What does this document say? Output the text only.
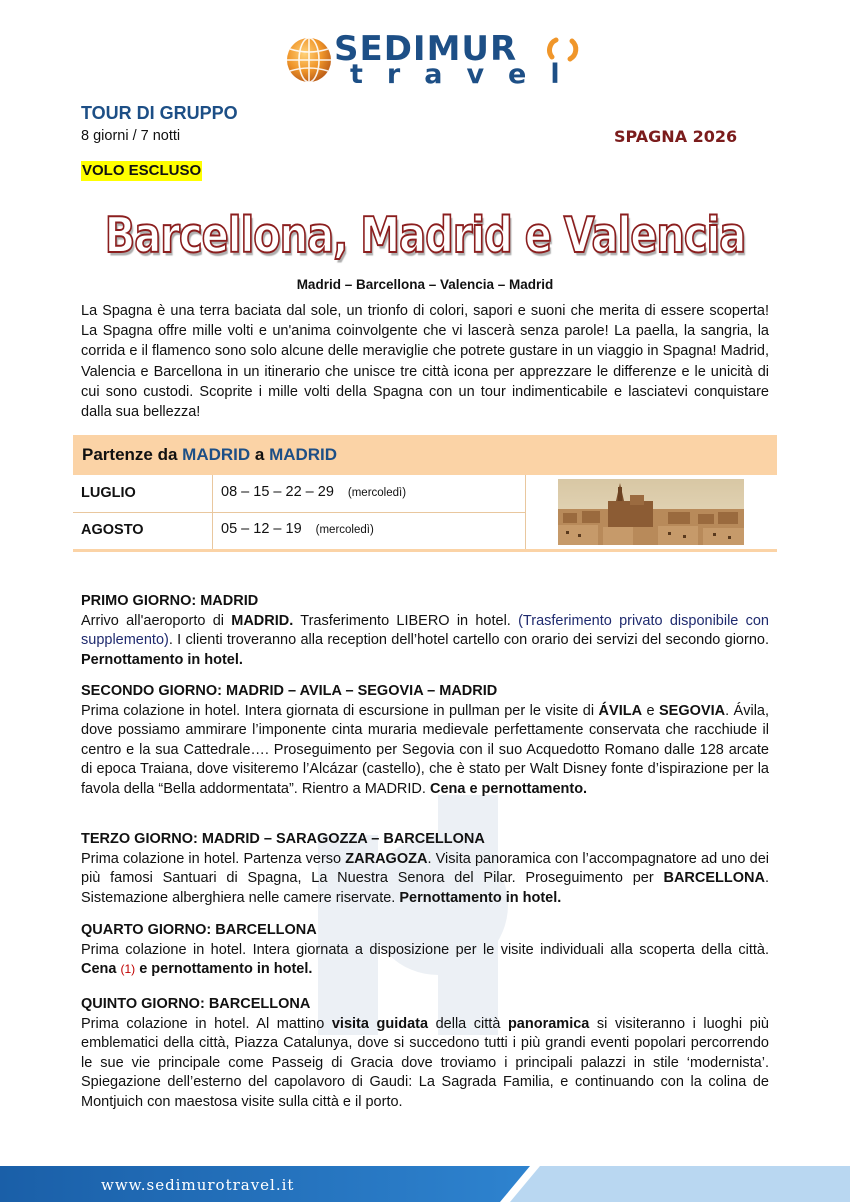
SEDIMUR
travel
TOUR DI GRUPPO
8 giorni / 7 notti	SPAGNA 2026
VOLO ESCLUSO
Barcellona, Madrid e Valencia
Madrid – Barcellona – Valencia – Madrid
La Spagna è una terra baciata dal sole, un trionfo di colori, sapori e suoni che merita di essere scoperta! La Spagna offre mille volti e un'anima coinvolgente che vi lascerà senza parole! La paella, la sangria, la corrida e il flamenco sono solo alcune delle meraviglie che potrete gustare in un viaggio in Spagna! Madrid, Valencia e Barcellona in un itinerario che unisce tre città icona per apprezzare le differenze e le unicità di cui sono custodi. Scoprite i mille volti della Spagna con un tour indimenticabile e lasciatevi conquistare dalla sua bellezza!
Partenze da MADRID a MADRID
LUGLIO	08 – 15 – 22 – 29 (mercoledì)
AGOSTO	05 – 12 – 19 (mercoledì)
PRIMO GIORNO: MADRID
Arrivo all'aeroporto di MADRID. Trasferimento LIBERO in hotel. (Trasferimento privato disponibile con supplemento). I clienti troveranno alla reception dell’hotel cartello con orario dei servizi del secondo giorno. Pernottamento in hotel.
SECONDO GIORNO: MADRID – AVILA – SEGOVIA – MADRID
Prima colazione in hotel. Intera giornata di escursione in pullman per le visite di ÁVILA e SEGOVIA. Ávila, dove possiamo ammirare l’imponente cinta muraria medievale perfettamente conservata che racchiude il centro e la sua Cattedrale…. Proseguimento per Segovia con il suo Acquedotto Romano dalle 128 arcate di epoca Traiana, dove visiteremo l’Alcázar (castello), che è stato per Walt Disney fonte d’ispirazione per la favola della “Bella addormentata”. Rientro a MADRID. Cena e pernottamento.
TERZO GIORNO: MADRID – SARAGOZZA – BARCELLONA
Prima colazione in hotel. Partenza verso ZARAGOZA. Visita panoramica con l’accompagnatore ad uno dei più famosi Santuari di Spagna, La Nuestra Senora del Pilar. Proseguimento per BARCELLONA. Sistemazione alberghiera nelle camere riservate. Pernottamento in hotel.
QUARTO GIORNO: BARCELLONA
Prima colazione in hotel. Intera giornata a disposizione per le visite individuali alla scoperta della città. Cena (1) e pernottamento in hotel.
QUINTO GIORNO: BARCELLONA
Prima colazione in hotel. Al mattino visita guidata della città panoramica si visiteranno i luoghi più emblematici della città, Piazza Catalunya, dove si succedono tutti i più grandi eventi popolari percorrendo le sue vie principale come Passeig di Gracia dove troviamo i principali palazzi in stile ‘modernista’. Spiegazione dell’esterno del capolavoro di Gaudi: La Sagrada Familia, e continuando con la colina de Montjuich con maestosa visite sulla città e il porto.
www.sedimurotravel.it
